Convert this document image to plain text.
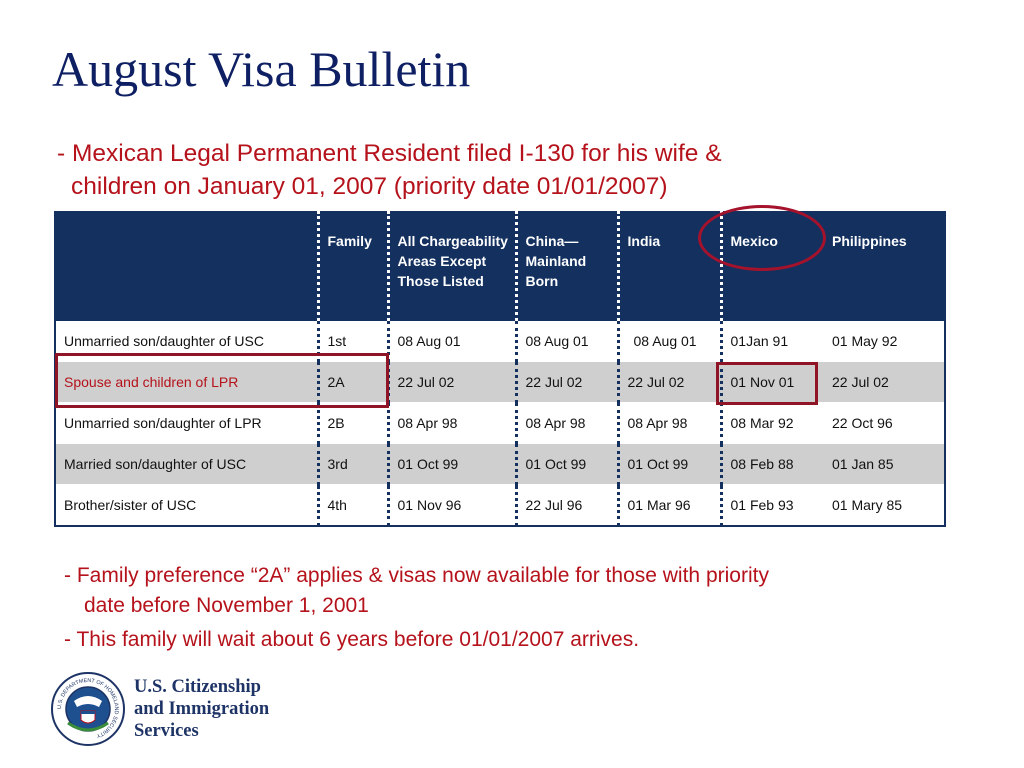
August Visa Bulletin
- Mexican Legal Permanent Resident filed I-130 for his wife &
children on January 01, 2007 (priority date 01/01/2007)
	Family	All Chargeability Areas Except Those Listed	China— Mainland Born	India	Mexico	Philippines
Unmarried son/daughter of USC	1st	08 Aug 01	08 Aug 01	08 Aug 01	01Jan 91	01 May 92
Spouse and children of LPR	2A	22 Jul 02	22 Jul 02	22 Jul 02	01 Nov 01	22 Jul 02
Unmarried son/daughter of LPR	2B	08 Apr 98	08 Apr 98	08 Apr 98	08 Mar 92	22 Oct 96
Married son/daughter of USC	3rd	01 Oct 99	01 Oct 99	01 Oct 99	08 Feb 88	01 Jan 85
Brother/sister of USC	4th	01 Nov 96	22 Jul 96	01 Mar 96	01 Feb 93	01 Mary 85
- Family preference “2A” applies & visas now available for those with priority
date before November 1, 2001
- This family will wait about 6 years before 01/01/2007 arrives.
U.S. DEPARTMENT OF HOMELAND SECURITY
U.S. Citizenship
and Immigration
Services
